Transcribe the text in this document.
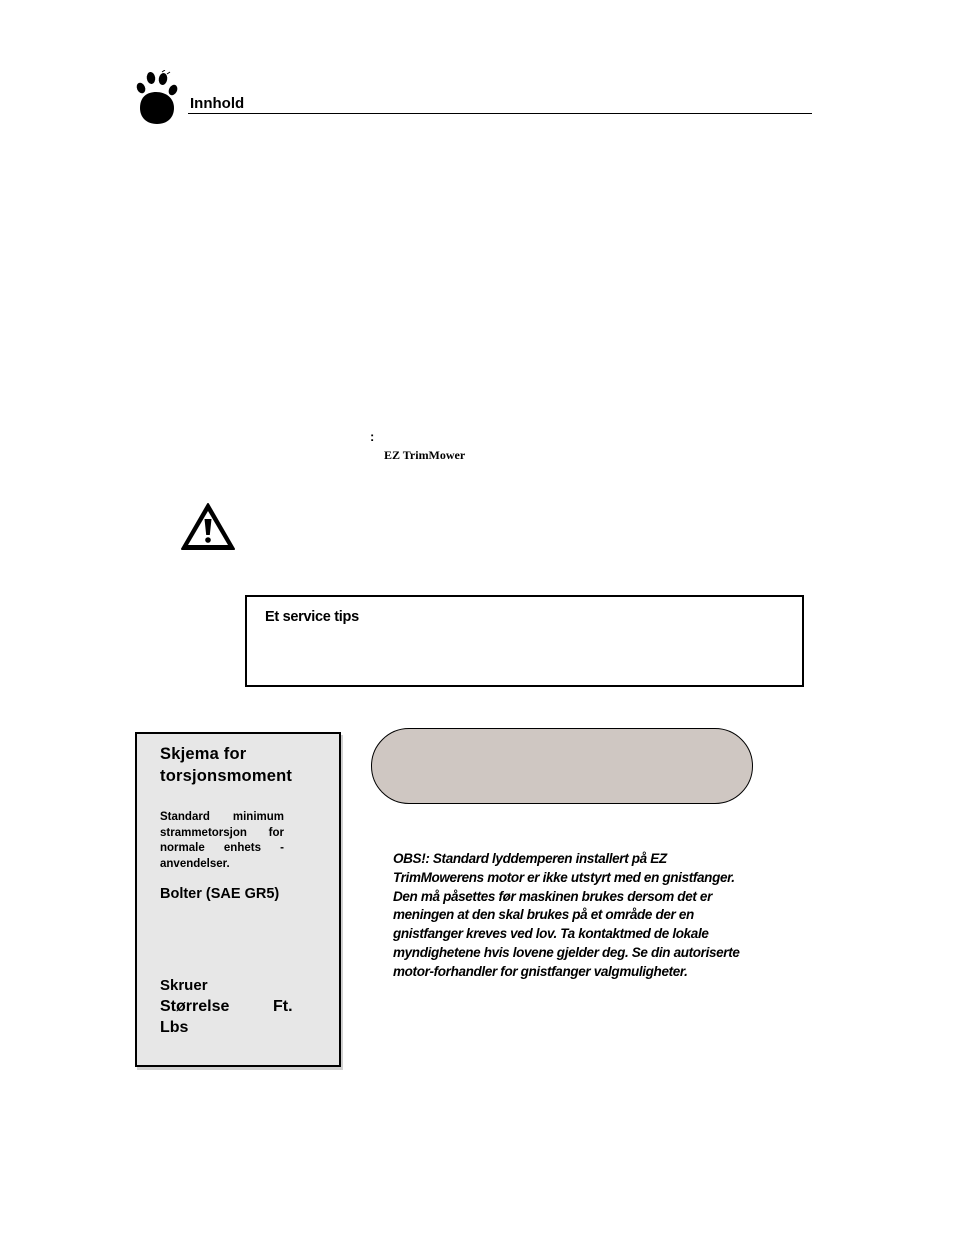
Innhold
:
EZ TrimMower
Et service tips
Skjema for torsjonsmoment
Standard minimum strammetorsjon for normale enhets - anvendelser.
Bolter (SAE GR5)
Skruer
Størrelse	Ft.
Lbs
OBS!: Standard lyddemperen installert på EZ TrimMowerens motor er ikke utstyrt med en gnistfanger. Den må påsettes før maskinen brukes dersom det er meningen at den skal brukes på et område der en gnistfanger kreves ved lov. Ta kontaktmed de lokale myndighetene hvis lovene gjelder deg. Se din autoriserte motor-forhandler for gnistfanger valgmuligheter.
